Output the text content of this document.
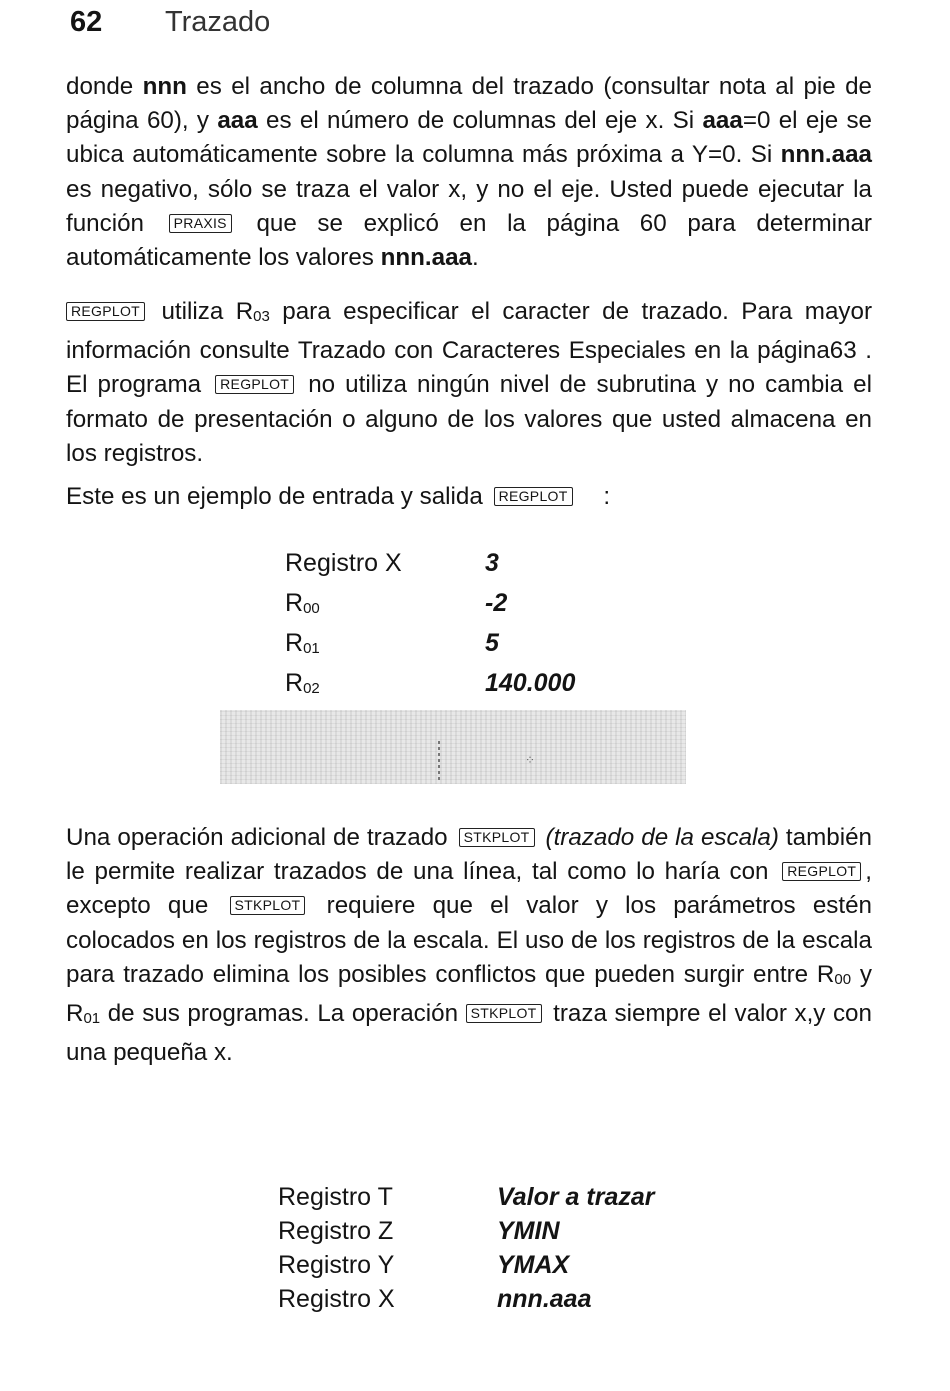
62 Trazado

donde nnn es el ancho de columna del trazado (consultar nota al pie de página 60), y aaa es el número de columnas del eje x. Si aaa=0 el eje se ubica automáticamente sobre la columna más próxima a Y=0. Si nnn.aaa es negativo, sólo se traza el valor x, y no el eje. Usted puede ejecutar la función PRAXIS que se explicó en la página 60 para determinar automáticamente los valores nnn.aaa.

REGPLOT utiliza R03 para especificar el caracter de trazado. Para mayor información consulte Trazado con Caracteres Especiales en la página63 . El programa REGPLOT no utiliza ningún nivel de subrutina y no cambia el formato de presentación o alguno de los valores que usted almacena en los registros.

Este es un ejemplo de entrada y salida REGPLOT :

Registro X	3
R00	-2
R01	5
R02	140.000
⁘

Una operación adicional de trazado STKPLOT (trazado de la escala) también le permite realizar trazados de una línea, tal como lo haría con REGPLOT , excepto que STKPLOT requiere que el valor y los parámetros estén colocados en los registros de la escala. El uso de los registros de la escala para trazado elimina los posibles conflictos que pueden surgir entre R00 y R01 de sus programas. La operación STKPLOT traza siempre el valor x,y con una pequeña x.

Registro T	Valor a trazar
Registro Z	YMIN
Registro Y	YMAX
Registro X	nnn.aaa
